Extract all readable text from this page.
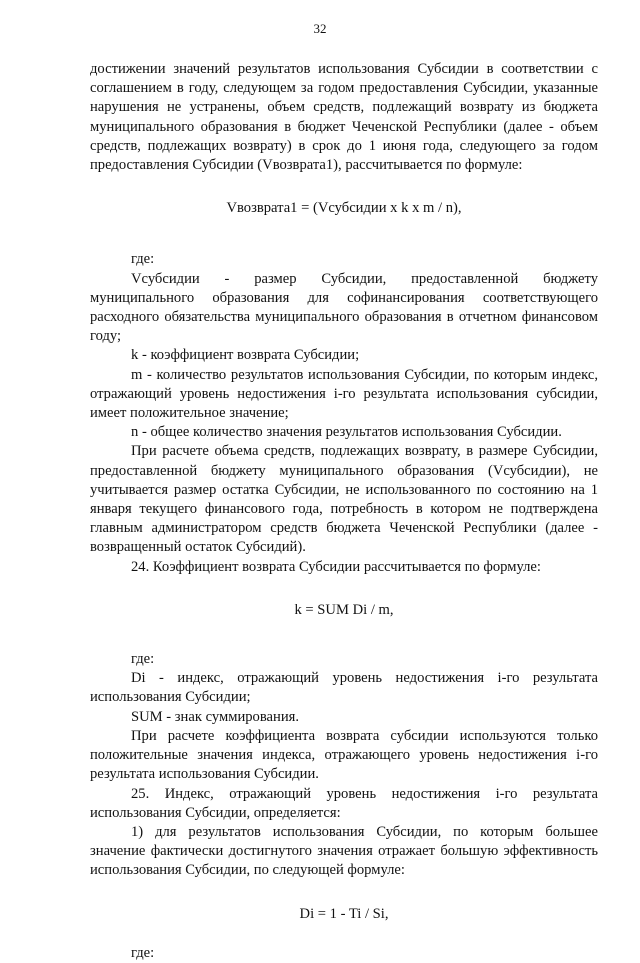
32

достижении значений результатов использования Субсидии в соответствии с соглашением в году, следующем за годом предоставления Субсидии, указанные нарушения не устранены, объем средств, подлежащий возврату из бюджета муниципального образования в бюджет Чеченской Республики (далее - объем средств, подлежащих возврату) в срок до 1 июня года, следующего за годом предоставления Субсидии (Vвозврата1), рассчитывается по формуле:

Vвозврата1 = (Vсубсидии x k x m / n),

где:

Vсубсидии - размер Субсидии, предоставленной бюджету муниципального образования для софинансирования соответствующего расходного обязательства муниципального образования в отчетном финансовом году;

k - коэффициент возврата Субсидии;

m - количество результатов использования Субсидии, по которым индекс, отражающий уровень недостижения i-го результата использования субсидии, имеет положительное значение;

n - общее количество значения результатов использования Субсидии.

При расчете объема средств, подлежащих возврату, в размере Субсидии, предоставленной бюджету муниципального образования (Vсубсидии), не учитывается размер остатка Субсидии, не использованного по состоянию на 1 января текущего финансового года, потребность в котором не подтверждена главным администратором средств бюджета Чеченской Республики (далее - возвращенный остаток Субсидий).

24. Коэффициент возврата Субсидии рассчитывается по формуле:

k = SUM Di / m,

где:

Di - индекс, отражающий уровень недостижения i-го результата использования Субсидии;

SUM - знак суммирования.

При расчете коэффициента возврата субсидии используются только положительные значения индекса, отражающего уровень недостижения i-го результата использования Субсидии.

25. Индекс, отражающий уровень недостижения i-го результата использования Субсидии, определяется:

1) для результатов использования Субсидии, по которым большее значение фактически достигнутого значения отражает большую эффективность использования Субсидии, по следующей формуле:

Di = 1 - Ti / Si,

где:
